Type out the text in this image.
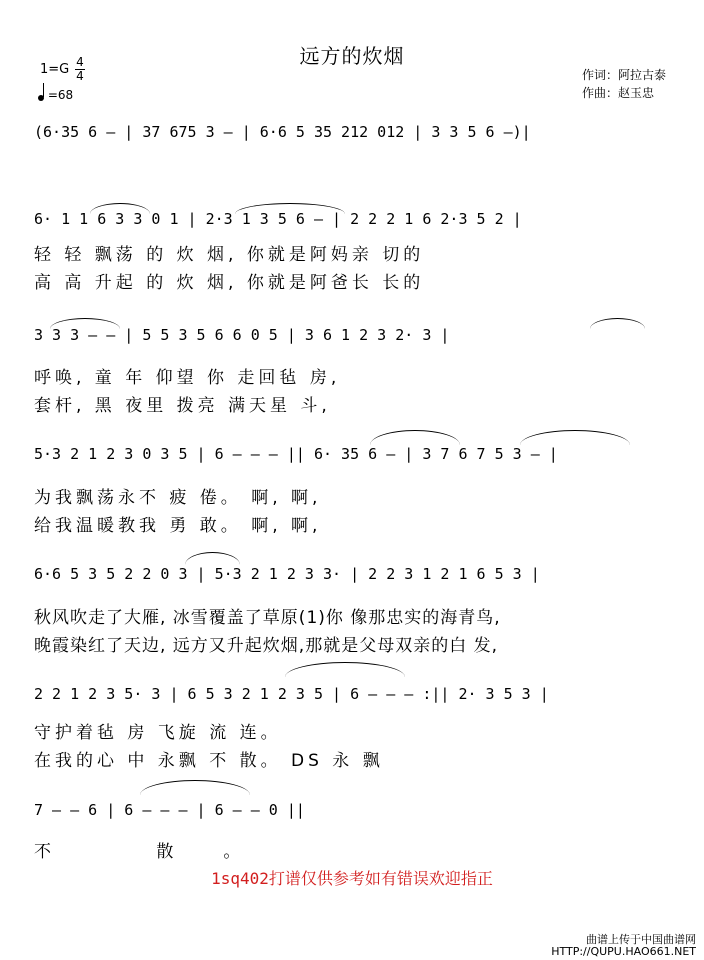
远方的炊烟
1=G 4
4
=68
作词：阿拉古泰
作曲：赵玉忠
(6·35 6 – | 37 675 3 – | 6·6 5 35 212 012 | 3 3 5 6 –)|
6· 1 1 6 3 3 0 1 | 2·3 1 3 5 6 – | 2 2 2 1 6 2·3 5 2 |
轻 轻 飘荡 的 炊 烟, 你就是阿妈亲 切的
高 高 升起 的 炊 烟, 你就是阿爸长 长的
3 3 3 – – | 5 5 3 5 6 6 0 5 | 3 6 1 2 3 2· 3 |
呼唤, 童 年 仰望 你 走回毡 房,
套杆, 黑 夜里 拨亮 满天星 斗,
5·3 2 1 2 3 0 3 5 | 6 – – – || 6· 35 6 – | 3 7 6 7 5 3 – |
为我飘荡永不 疲 倦。 啊, 啊,
给我温暖教我 勇 敢。 啊, 啊,
6·6 5 3 5 2 2 0 3 | 5·3 2 1 2 3 3· | 2 2 3 1 2 1 6 5 3 |
秋风吹走了大雁, 冰雪覆盖了草原(1)你 像那忠实的海青鸟,
晚霞染红了天边, 远方又升起炊烟,那就是父母双亲的白 发,
2 2 1 2 3 5· 3 | 6 5 3 2 1 2 3 5 | 6 – – – :|| 2· 3 5 3 |
守护着毡 房 飞旋 流 连。
在我的心 中 永飘 不 散。 DS 永 飘
7 – – 6 | 6 – – – | 6 – – 0 ||
不 散。
1sq402打谱仅供参考如有错误欢迎指正
曲谱上传于中国曲谱网
HTTP://QUPU.HAO661.NET
